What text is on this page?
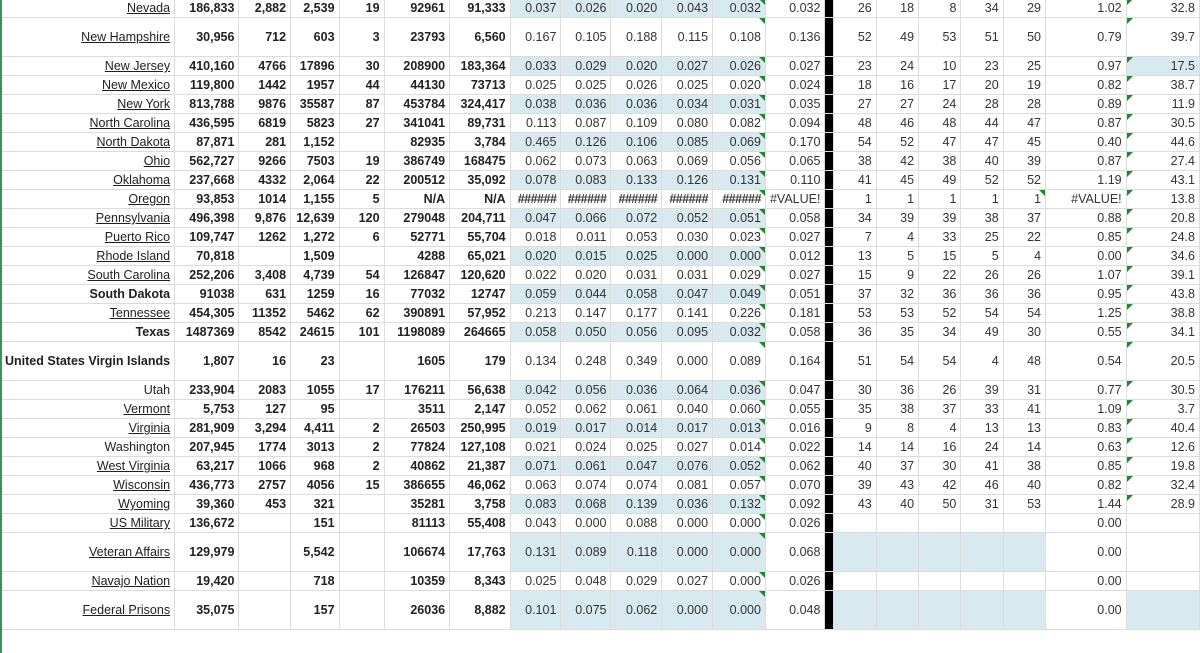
Nevada	186,833	2,882	2,539	19	92961	91,333	0.037	0.026	0.020	0.043	0.032	0.032		26	18	8	34	29	1.02	32.8
New Hampshire	30,956	712	603	3	23793	6,560	0.167	0.105	0.188	0.115	0.108	0.136		52	49	53	51	50	0.79	39.7
New Jersey	410,160	4766	17896	30	208900	183,364	0.033	0.029	0.020	0.027	0.026	0.027		23	24	10	23	25	0.97	17.5
New Mexico	119,800	1442	1957	44	44130	73713	0.025	0.025	0.026	0.025	0.020	0.024		18	16	17	20	19	0.82	38.7
New York	813,788	9876	35587	87	453784	324,417	0.038	0.036	0.036	0.034	0.031	0.035		27	27	24	28	28	0.89	11.9
North Carolina	436,595	6819	5823	27	341041	89,731	0.113	0.087	0.109	0.080	0.082	0.094		48	46	48	44	47	0.87	30.5
North Dakota	87,871	281	1,152		82935	3,784	0.465	0.126	0.106	0.085	0.069	0.170		54	52	47	47	45	0.40	44.6
Ohio	562,727	9266	7503	19	386749	168475	0.062	0.073	0.063	0.069	0.056	0.065		38	42	38	40	39	0.87	27.4
Oklahoma	237,668	4332	2,064	22	200512	35,092	0.078	0.083	0.133	0.126	0.131	0.110		41	45	49	52	52	1.19	43.1
Oregon	93,853	1014	1,155	5	N/A	N/A	######	######	######	######	######	#VALUE!		1	1	1	1	1	#VALUE!	13.8
Pennsylvania	496,398	9,876	12,639	120	279048	204,711	0.047	0.066	0.072	0.052	0.051	0.058		34	39	39	38	37	0.88	20.8
Puerto Rico	109,747	1262	1,272	6	52771	55,704	0.018	0.011	0.053	0.030	0.023	0.027		7	4	33	25	22	0.85	24.8
Rhode Island	70,818		1,509		4288	65,021	0.020	0.015	0.025	0.000	0.000	0.012		13	5	15	5	4	0.00	34.6
South Carolina	252,206	3,408	4,739	54	126847	120,620	0.022	0.020	0.031	0.031	0.029	0.027		15	9	22	26	26	1.07	39.1
South Dakota	91038	631	1259	16	77032	12747	0.059	0.044	0.058	0.047	0.049	0.051		37	32	36	36	36	0.95	43.8
Tennessee	454,305	11352	5462	62	390891	57,952	0.213	0.147	0.177	0.141	0.226	0.181		53	53	52	54	54	1.25	38.8
Texas	1487369	8542	24615	101	1198089	264665	0.058	0.050	0.056	0.095	0.032	0.058		36	35	34	49	30	0.55	34.1
United States Virgin Islands	1,807	16	23		1605	179	0.134	0.248	0.349	0.000	0.089	0.164		51	54	54	4	48	0.54	20.5
Utah	233,904	2083	1055	17	176211	56,638	0.042	0.056	0.036	0.064	0.036	0.047		30	36	26	39	31	0.77	30.5
Vermont	5,753	127	95		3511	2,147	0.052	0.062	0.061	0.040	0.060	0.055		35	38	37	33	41	1.09	3.7
Virginia	281,909	3,294	4,411	2	26503	250,995	0.019	0.017	0.014	0.017	0.013	0.016		9	8	4	13	13	0.83	40.4
Washington	207,945	1774	3013	2	77824	127,108	0.021	0.024	0.025	0.027	0.014	0.022		14	14	16	24	14	0.63	12.6
West Virginia	63,217	1066	968	2	40862	21,387	0.071	0.061	0.047	0.076	0.052	0.062		40	37	30	41	38	0.85	19.8
Wisconsin	436,773	2757	4056	15	386655	46,062	0.063	0.074	0.074	0.081	0.057	0.070		39	43	42	46	40	0.82	32.4
Wyoming	39,360	453	321		35281	3,758	0.083	0.068	0.139	0.036	0.132	0.092		43	40	50	31	53	1.44	28.9
US Military	136,672		151		81113	55,408	0.043	0.000	0.088	0.000	0.000	0.026							0.00	
Veteran Affairs	129,979		5,542		106674	17,763	0.131	0.089	0.118	0.000	0.000	0.068							0.00	
Navajo Nation	19,420		718		10359	8,343	0.025	0.048	0.029	0.027	0.000	0.026							0.00	
Federal Prisons	35,075		157		26036	8,882	0.101	0.075	0.062	0.000	0.000	0.048							0.00	
